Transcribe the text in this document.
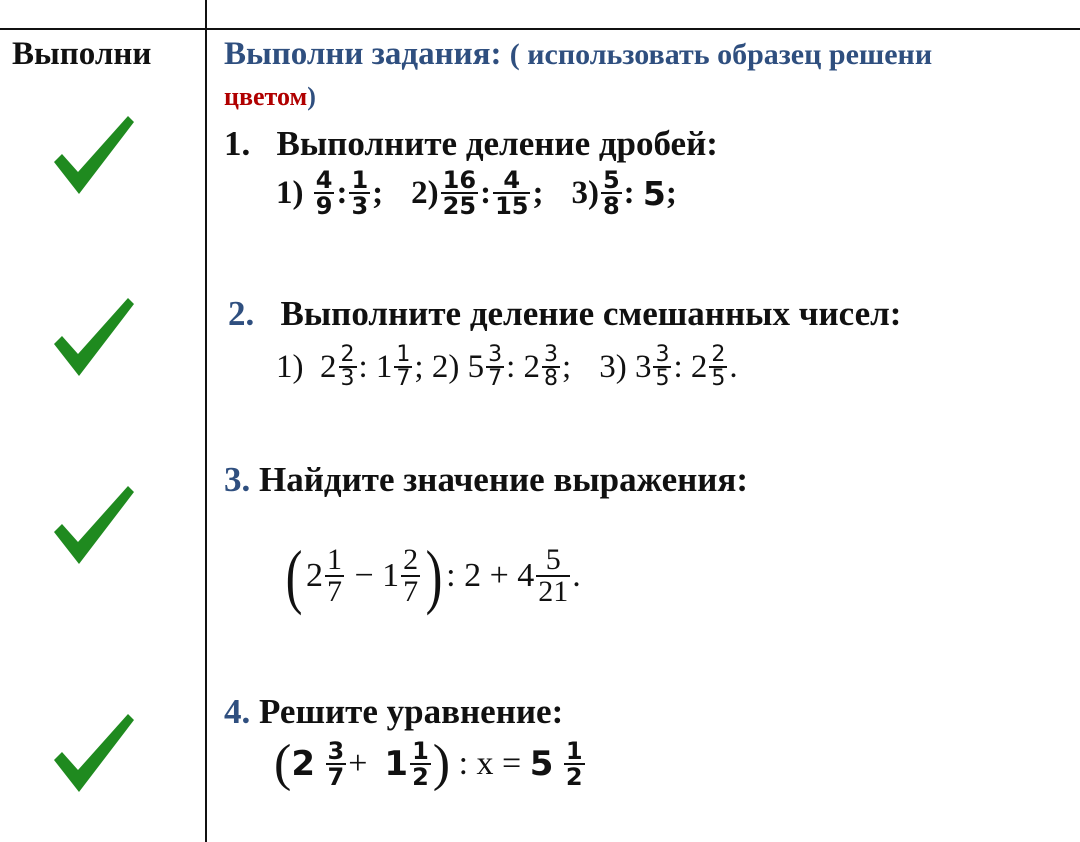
Выполни Выполни задания: ( использовать образец решени
цветом)
1. Выполните деление дробей:
1)
$\frac{4}{9}$ : $\frac{1}{3}$ ; $2) \frac{16}{25}$ : $\frac{4}{15}$ ; $3) \frac{5}{8}$ :
5 ;
2. Выполните деление смешанных чисел:
1)
$2 \frac{2}{3}$ :
$1 \frac{1}{7}$ ;
2)
$5 \frac{3}{7}$ :
$2 \frac{3}{8}$ ; 3)
$3 \frac{3}{5}$ :
$2 \frac{2}{5}$ .
3. Найдите значение выражения:
( $2 \frac{1}{7}$
−
$1 \frac{2}{7}$ ) : $2 + 4 \frac{5}{21}$ .
4. Решите уравнение:
( 2
$\frac{3}{7}$ +
$1 \frac{1}{2}$ )
: x =
5
$\frac{1}{2}$
